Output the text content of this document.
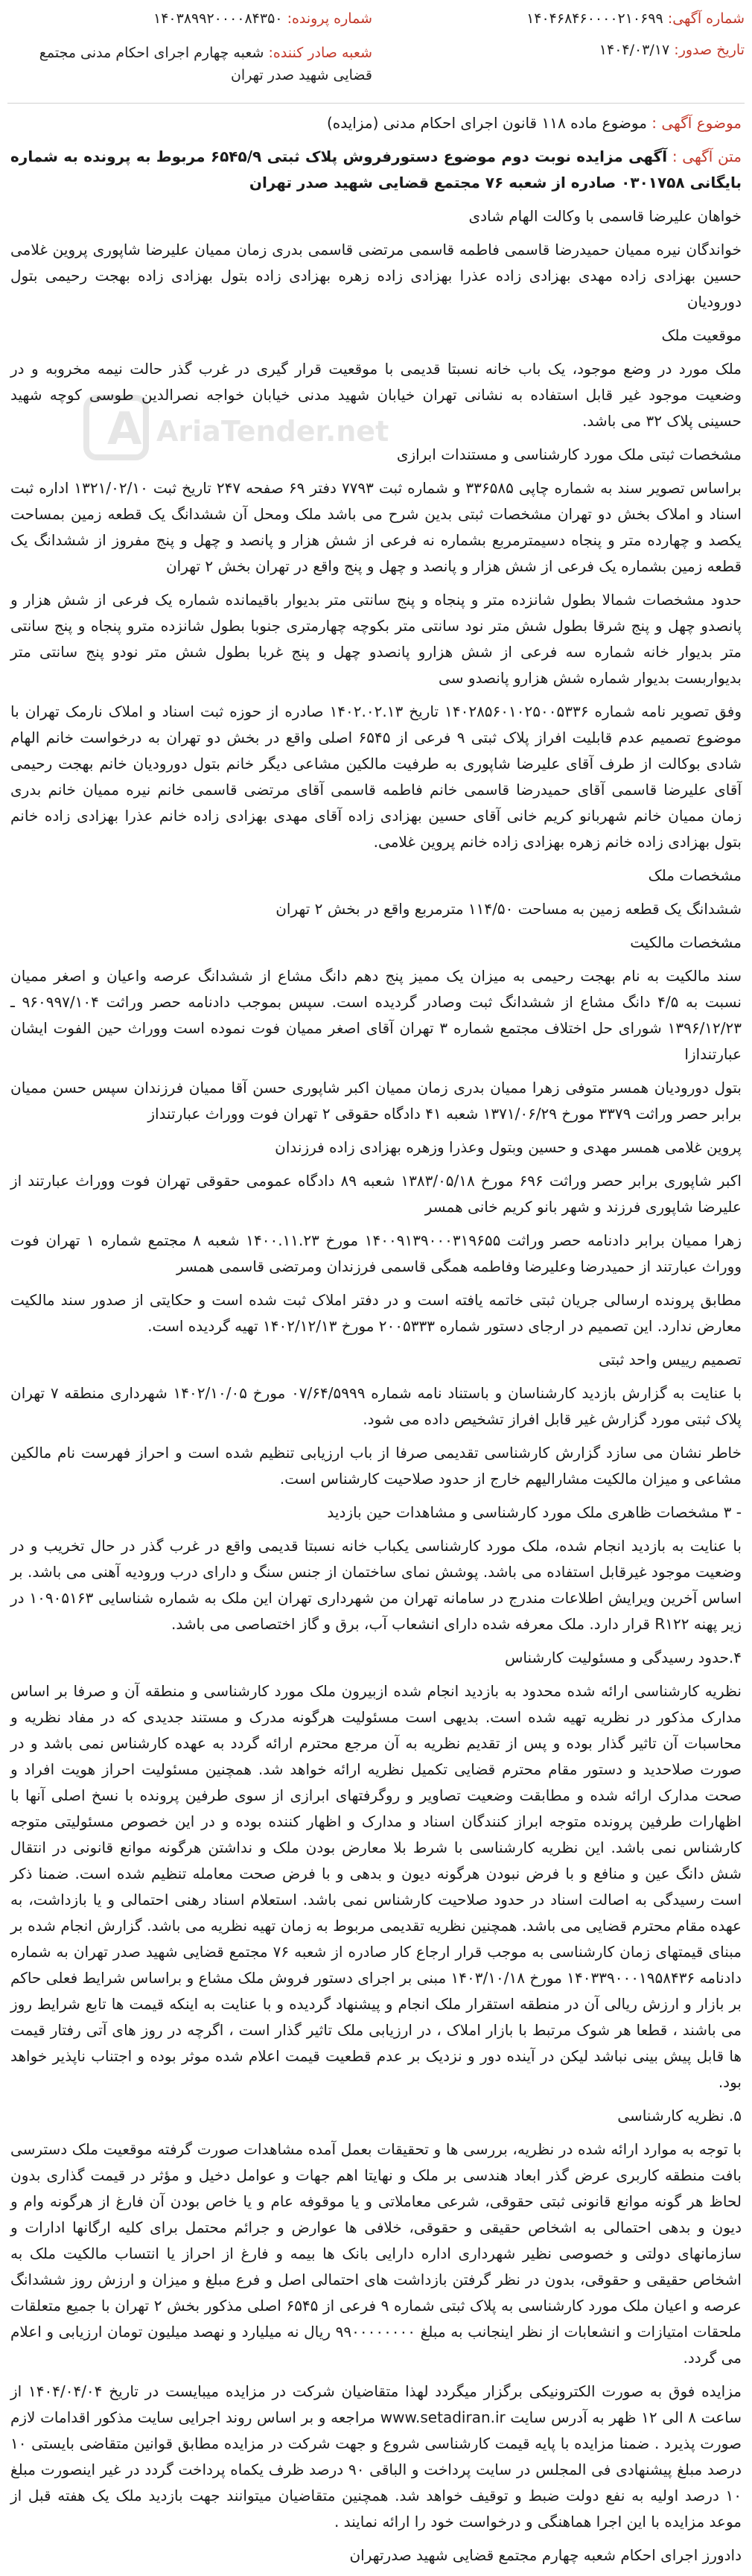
شماره آگهی: ۱۴۰۴۶۸۴۶۰۰۰۰۲۱۰۶۹۹
شماره پرونده: ۱۴۰۳۸۹۹۲۰۰۰۰۸۴۳۵۰
تاریخ صدور: ۱۴۰۴/۰۳/۱۷
شعبه صادر کننده: شعبه چهارم اجرای احکام مدنی مجتمع قضایی شهید صدر تهران
A AriaTender.net

موضوع آگهی : موضوع ماده ۱۱۸ قانون اجرای احکام مدنی (مزایده)

متن آگهی : آگهی مزایده نوبت دوم موضوع دستورفروش پلاک ثبتی ۶۵۴۵/۹ مربوط به پرونده به شماره بایگانی ۰۳۰۱۷۵۸ صادره از شعبه ۷۶ مجتمع قضایی شهید صدر تهران

خواهان علیرضا قاسمی با وکالت الهام شادی

خواندگان نیره ممیان حمیدرضا قاسمی فاطمه قاسمی مرتضی قاسمی بدری زمان ممیان علیرضا شاپوری پروین غلامی حسین بهزادی زاده مهدی بهزادی زاده عذرا بهزادی زاده زهره بهزادی زاده بتول بهزادی زاده بهجت رحیمی بتول دورودیان

موقعیت ملک

ملک مورد در وضع موجود، یک باب خانه نسبتا قدیمی با موقعیت قرار گیری در غرب گذر حالت نیمه مخروبه و در وضعیت موجود غیر قابل استفاده به نشانی تهران خیابان شهید مدنی خیابان خواجه نصرالدین طوسی کوچه شهید حسینی پلاک ۳۲ می باشد.

مشخصات ثبتی ملک مورد کارشناسی و مستندات ابرازی

براساس تصویر سند به شماره چاپی ۳۳۶۵۸۵ و شماره ثبت ۷۷۹۳ دفتر ۶۹ صفحه ۲۴۷ تاریخ ثبت ۱۳۲۱/۰۲/۱۰ اداره ثبت اسناد و املاک بخش دو تهران مشخصات ثبتی بدین شرح می باشد ملک ومحل آن ششدانگ یک قطعه زمین بمساحت یکصد و چهارده متر و پنجاه دسیمترمربع بشماره نه فرعی از شش هزار و پانصد و چهل و پنج مفروز از ششدانگ یک قطعه زمین بشماره یک فرعی از شش هزار و پانصد و چهل و پنج واقع در تهران بخش ۲ تهران

حدود مشخصات شمالا بطول شانزده متر و پنجاه و پنج سانتی متر بدیوار باقیمانده شماره یک فرعی از شش هزار و پانصدو چهل و پنج شرقا بطول شش متر نود سانتی متر بکوچه چهارمتری جنوبا بطول شانزده مترو پنجاه و پنج سانتی متر بدیوار خانه شماره سه فرعی از شش هزارو پانصدو چهل و پنج غربا بطول شش متر نودو پنج سانتی متر بدیواربست بدیوار شماره شش هزارو پانصدو سی

وفق تصویر نامه شماره ۱۴۰۲۸۵۶۰۱۰۲۵۰۰۵۳۳۶ تاریخ ۱۴۰۲.۰۲.۱۳ صادره از حوزه ثبت اسناد و املاک نارمک تهران با موضوع تصمیم عدم قابلیت افراز پلاک ثبتی ۹ فرعی از ۶۵۴۵ اصلی واقع در بخش دو تهران به درخواست خانم الهام شادی بوکالت از طرف آقای علیرضا شاپوری به طرفیت مالکین مشاعی دیگر خانم بتول دورودیان خانم بهجت رحیمی آقای علیرضا قاسمی آقای حمیدرضا قاسمی خانم فاطمه قاسمی آقای مرتضی قاسمی خانم نیره ممیان خانم بدری زمان ممیان خانم شهربانو کریم خانی آقای حسین بهزادی زاده آقای مهدی بهزادی زاده خانم عذرا بهزادی زاده خانم بتول بهزادی زاده خانم زهره بهزادی زاده خانم پروین غلامی.

مشخصات ملک

ششدانگ یک قطعه زمین به مساحت ۱۱۴/۵۰ مترمربع واقع در بخش ۲ تهران

مشخصات مالکیت

سند مالکیت به نام بهجت رحیمی به میزان یک ممیز پنج دهم دانگ مشاع از ششدانگ عرصه واعیان و اصغر ممیان نسبت به ۴/۵ دانگ مشاع از ششدانگ ثبت وصادر گردیده است. سپس بموجب دادنامه حصر وراثت ۹۶۰۹۹۷/۱۰۴ ـ ۱۳۹۶/۱۲/۲۳ شورای حل اختلاف مجتمع شماره ۳ تهران آقای اصغر ممیان فوت نموده است ووراث حین الفوت ایشان عبارتندازا

بتول دورودیان همسر متوفی زهرا ممیان بدری زمان ممیان اکبر شاپوری حسن آقا ممیان فرزندان سپس حسن ممیان برابر حصر وراثت ۳۳۷۹ مورخ ۱۳۷۱/۰۶/۲۹ شعبه ۴۱ دادگاه حقوقی ۲ تهران فوت ووراث عبارتنداز

پروین غلامی همسر مهدی و حسین وبتول وعذرا وزهره بهزادی زاده فرزندان

اکبر شاپوری برابر حصر وراثت ۶۹۶ مورخ ۱۳۸۳/۰۵/۱۸ شعبه ۸۹ دادگاه عمومی حقوقی تهران فوت ووراث عبارتند از علیرضا شاپوری فرزند و شهر بانو کریم خانی همسر

زهرا ممیان برابر دادنامه حصر وراثت ۱۴۰۰۹۱۳۹۰۰۰۳۱۹۶۵۵ مورخ ۱۴۰۰.۱۱.۲۳ شعبه ۸ مجتمع شماره ۱ تهران فوت ووراث عبارتند از حمیدرضا وعلیرضا وفاطمه همگی قاسمی فرزندان ومرتضی قاسمی همسر

مطابق پرونده ارسالی جریان ثبتی خاتمه یافته است و در دفتر املاک ثبت شده است و حکایتی از صدور سند مالکیت معارض ندارد. این تصمیم در ارجای دستور شماره ۲۰۰۵۳۳۳ مورخ ۱۴۰۲/۱۲/۱۳ تهیه گردیده است.

تصمیم رییس واحد ثبتی

با عنایت به گزارش بازدید کارشناسان و باستناد نامه شماره ۰۷/۶۴/۵۹۹۹ مورخ ۱۴۰۲/۱۰/۰۵ شهرداری منطقه ۷ تهران پلاک ثبتی مورد گزارش غیر قابل افراز تشخیص داده می شود.

خاطر نشان می سازد گزارش کارشناسی تقدیمی صرفا از باب ارزیابی تنظیم شده است و احراز فهرست نام مالکین مشاعی و میزان مالکیت مشارالیهم خارج از حدود صلاحیت کارشناس است.

- ۳ مشخصات ظاهری ملک مورد کارشناسی و مشاهدات حین بازدید

با عنایت به بازدید انجام شده، ملک مورد کارشناسی یکباب خانه نسبتا قدیمی واقع در غرب گذر در حال تخریب و در وضعیت موجود غیرقابل استفاده می باشد. پوشش نمای ساختمان از جنس سنگ و دارای درب ورودیه آهنی می باشد. بر اساس آخرین ویرایش اطلاعات مندرج در سامانه تهران من شهرداری تهران این ملک به شماره شناسایی ۱۰۹۰۵۱۶۳ در زیر پهنه R۱۲۲ قرار دارد. ملک معرفه شده دارای انشعاب آب، برق و گاز اختصاصی می باشد.

۴.حدود رسیدگی و مسئولیت کارشناس

نظریه کارشناسی ارائه شده محدود به بازدید انجام شده ازبیرون ملک مورد کارشناسی و منطقه آن و صرفا بر اساس مدارک مذکور در نظریه تهیه شده است. بدیهی است مسئولیت هرگونه مدرک و مستند جدیدی که در مفاد نظریه و محاسبات آن تاثیر گذار بوده و پس از تقدیم نظریه به آن مرجع محترم ارائه گردد به عهده کارشناس نمی باشد و در صورت صلاحدید و دستور مقام محترم قضایی تکمیل نظریه ارائه خواهد شد. همچنین مسئولیت احراز هویت افراد و صحت مدارک ارائه شده و مطابقت وضعیت تصاویر و روگرفتهای ابرازی از سوی طرفین پرونده با نسخ اصلی آنها با اظهارات طرفین پرونده متوجه ابراز کنندگان اسناد و مدارک و اظهار کننده بوده و در این خصوص مسئولیتی متوجه کارشناس نمی باشد. این نظریه کارشناسی با شرط بلا معارض بودن ملک و نداشتن هرگونه موانع قانونی در انتقال شش دانگ عین و منافع و با فرض نبودن هرگونه دیون و بدهی و با فرض صحت معامله تنظیم شده است. ضمنا ذکر است رسیدگی به اصالت اسناد در حدود صلاحیت کارشناس نمی باشد. استعلام اسناد رهنی احتمالی و یا بازداشت، به عهده مقام محترم قضایی می باشد. همچنین نظریه تقدیمی مربوط به زمان تهیه نظریه می باشد. گزارش انجام شده بر مبنای قیمتهای زمان کارشناسی به موجب قرار ارجاع کار صادره از شعبه ۷۶ مجتمع قضایی شهید صدر تهران به شماره دادنامه ۱۴۰۳۳۹۰۰۰۱۹۵۸۴۳۶ مورخ ۱۴۰۳/۱۰/۱۸ مبنی بر اجرای دستور فروش ملک مشاع و براساس شرایط فعلی حاکم بر بازار و ارزش ریالی آن در منطقه استقرار ملک انجام و پیشنهاد گردیده و با عنایت به اینکه قیمت ها تابع شرایط روز می باشند ، قطعا هر شوک مرتبط با بازار املاک ، در ارزیابی ملک تاثیر گذار است ، اگرچه در روز های آتی رفتار قیمت ها قابل پیش بینی نباشد لیکن در آینده دور و نزدیک بر عدم قطعیت قیمت اعلام شده موثر بوده و اجتناب ناپذیر خواهد بود.

۵. نظریه کارشناسی

با توجه به موارد ارائه شده در نظریه، بررسی ها و تحقیقات بعمل آمده مشاهدات صورت گرفته موقعیت ملک دسترسی بافت منطقه کاربری عرض گذر ابعاد هندسی بر ملک و نهایتا اهم جهات و عوامل دخیل و مؤثر در قیمت گذاری بدون لحاظ هر گونه موانع قانونی ثبتی حقوقی، شرعی معاملاتی و یا موقوفه عام و یا خاص بودن آن فارغ از هرگونه وام و دیون و بدهی احتمالی به اشخاص حقیقی و حقوقی، خلافی ها عوارض و جرائم محتمل برای کلیه ارگانها ادارات و سازمانهای دولتی و خصوصی نظیر شهرداری اداره دارایی بانک ها بیمه و فارغ از احراز یا انتساب مالکیت ملک به اشخاص حقیقی و حقوقی، بدون در نظر گرفتن بازداشت های احتمالی اصل و فرع مبلغ و میزان و ارزش روز ششدانگ عرصه و اعیان ملک مورد کارشناسی به پلاک ثبتی شماره ۹ فرعی از ۶۵۴۵ اصلی مذکور بخش ۲ تهران با جمیع متعلقات ملحقات امتیازات و انشعابات از نظر اینجانب به مبلغ ۹۹۰۰۰۰۰۰۰۰ ریال نه میلیارد و نهصد میلیون تومان ارزیابی و اعلام می گردد.

مزایده فوق به صورت الکترونیکی برگزار میگردد لهذا متقاضیان شرکت در مزایده میبایست در تاریخ ۱۴۰۴/۰۴/۰۴ از ساعت ۸ الی ۱۲ ظهر به آدرس سایت www.setadiran.ir مراجعه و بر اساس روند اجرایی سایت مذکور اقدامات لازم صورت پذیرد . ضمنا مزایده با پایه قیمت کارشناسی شروع و جهت شرکت در مزایده مطابق قوانین متقاضی بایستی ۱۰ درصد مبلغ پیشنهادی فی المجلس در سایت پرداخت و الباقی ۹۰ درصد ظرف یکماه پرداخت گردد در غیر اینصورت مبلغ ۱۰ درصد اولیه به نفع دولت ضبط و توقیف خواهد شد. همچنین متقاضیان میتوانند جهت بازدید ملک یک هفته قبل از موعد مزایده با این اجرا هماهنگی و درخواست خود را ارائه نمایند .

دادورز اجرای احکام شعبه چهارم مجتمع قضایی شهید صدرتهران
